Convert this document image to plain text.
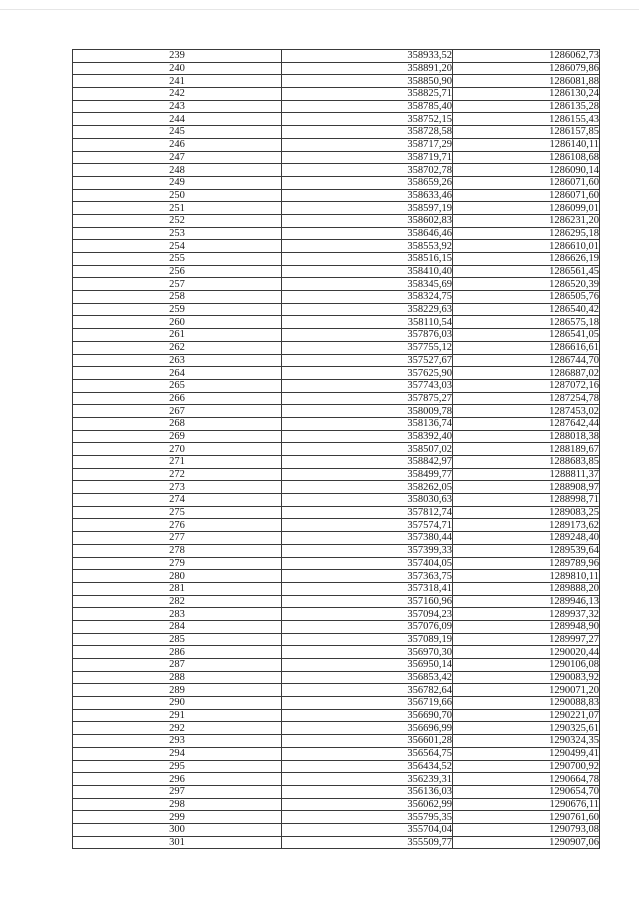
239	358933,52	1286062,73
240	358891,20	1286079,86
241	358850,90	1286081,88
242	358825,71	1286130,24
243	358785,40	1286135,28
244	358752,15	1286155,43
245	358728,58	1286157,85
246	358717,29	1286140,11
247	358719,71	1286108,68
248	358702,78	1286090,14
249	358659,26	1286071,60
250	358633,46	1286071,60
251	358597,19	1286099,01
252	358602,83	1286231,20
253	358646,46	1286295,18
254	358553,92	1286610,01
255	358516,15	1286626,19
256	358410,40	1286561,45
257	358345,69	1286520,39
258	358324,75	1286505,76
259	358229,63	1286540,42
260	358110,54	1286575,18
261	357876,03	1286541,05
262	357755,12	1286616,61
263	357527,67	1286744,70
264	357625,90	1286887,02
265	357743,03	1287072,16
266	357875,27	1287254,78
267	358009,78	1287453,02
268	358136,74	1287642,44
269	358392,40	1288018,38
270	358507,02	1288189,67
271	358842,97	1288683,85
272	358499,77	1288811,37
273	358262,05	1288908,97
274	358030,63	1288998,71
275	357812,74	1289083,25
276	357574,71	1289173,62
277	357380,44	1289248,40
278	357399,33	1289539,64
279	357404,05	1289789,96
280	357363,75	1289810,11
281	357318,41	1289888,20
282	357160,96	1289946,13
283	357094,23	1289937,32
284	357076,09	1289948,90
285	357089,19	1289997,27
286	356970,30	1290020,44
287	356950,14	1290106,08
288	356853,42	1290083,92
289	356782,64	1290071,20
290	356719,66	1290088,83
291	356690,70	1290221,07
292	356696,99	1290325,61
293	356601,28	1290324,35
294	356564,75	1290499,41
295	356434,52	1290700,92
296	356239,31	1290664,78
297	356136,03	1290654,70
298	356062,99	1290676,11
299	355795,35	1290761,60
300	355704,04	1290793,08
301	355509,77	1290907,06
